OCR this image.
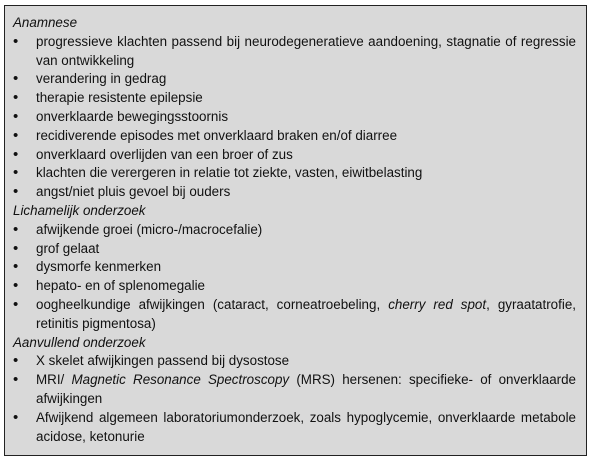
Anamnese

• progressieve klachten passend bij neurodegeneratieve aandoening, stagnatie of regressie van ontwikkeling
• verandering in gedrag
• therapie resistente epilepsie
• onverklaarde bewegingsstoornis
• recidiverende episodes met onverklaard braken en/of diarree
• onverklaard overlijden van een broer of zus
• klachten die verergeren in relatie tot ziekte, vasten, eiwitbelasting
• angst/niet pluis gevoel bij ouders

Lichamelijk onderzoek

• afwijkende groei (micro-/macrocefalie)
• grof gelaat
• dysmorfe kenmerken
• hepato- en of splenomegalie
• oogheelkundige afwijkingen (cataract, corneatroebeling, cherry red spot, gyraatatrofie, retinitis pigmentosa)

Aanvullend onderzoek

• X skelet afwijkingen passend bij dysostose
• MRI/ Magnetic Resonance Spectroscopy (MRS) hersenen: specifieke- of onverklaarde afwijkingen
• Afwijkend algemeen laboratoriumonderzoek, zoals hypoglycemie, onverklaarde metabole acidose, ketonurie
